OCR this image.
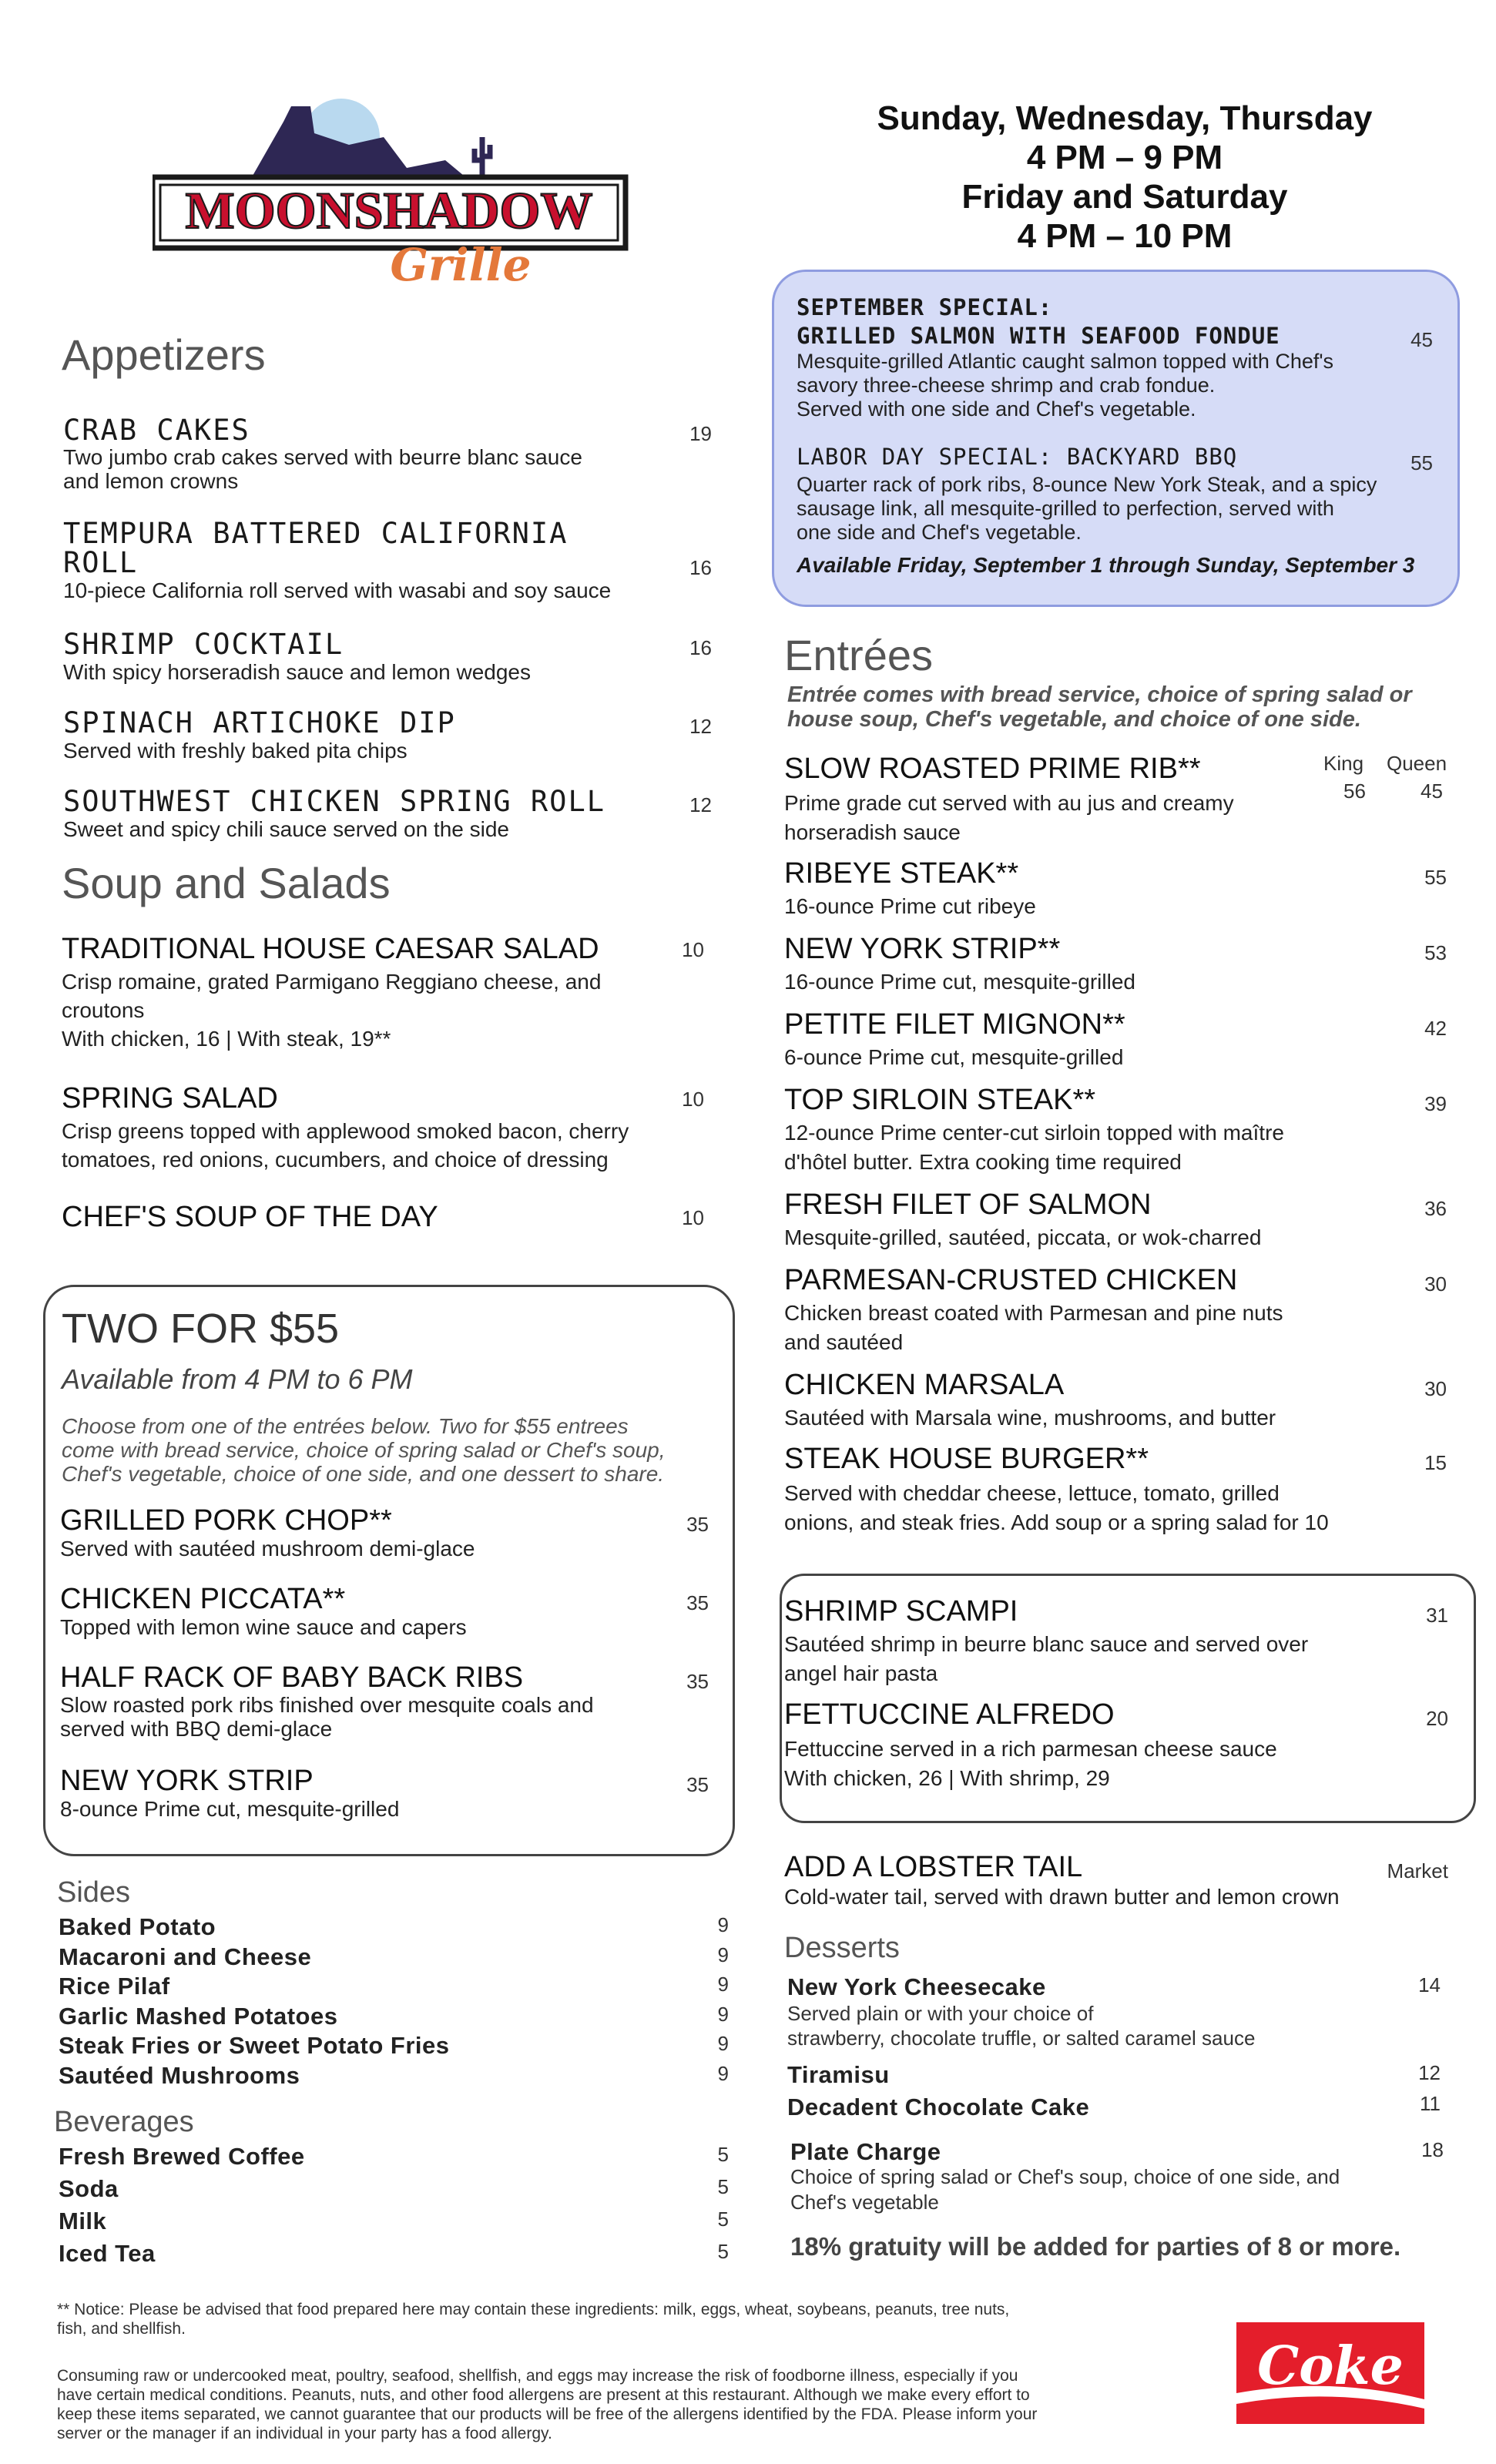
MOONSHADOW
Grille
Sunday, Wednesday, Thursday
4 PM – 9 PM
Friday and Saturday
4 PM – 10 PM
SEPTEMBER SPECIAL:
GRILLED SALMON WITH SEAFOOD FONDUE	45
Mesquite-grilled Atlantic caught salmon topped with Chef's
savory three-cheese shrimp and crab fondue.
Served with one side and Chef's vegetable.
LABOR DAY SPECIAL: BACKYARD BBQ	55
Quarter rack of pork ribs, 8-ounce New York Steak, and a spicy
sausage link, all mesquite-grilled to perfection, served with
one side and Chef's vegetable.
Available Friday, September 1 through Sunday, September 3
Appetizers
CRAB CAKES	19
Two jumbo crab cakes served with beurre blanc sauce
and lemon crowns
TEMPURA BATTERED CALIFORNIA
ROLL	16
10-piece California roll served with wasabi and soy sauce
SHRIMP COCKTAIL	16
With spicy horseradish sauce and lemon wedges
SPINACH ARTICHOKE DIP	12
Served with freshly baked pita chips
SOUTHWEST CHICKEN SPRING ROLL	12
Sweet and spicy chili sauce served on the side
Soup and Salads
TRADITIONAL HOUSE CAESAR SALAD	10
Crisp romaine, grated Parmigano Reggiano cheese, and
croutons
With chicken, 16 | With steak, 19**
SPRING SALAD	10
Crisp greens topped with applewood smoked bacon, cherry
tomatoes, red onions, cucumbers, and choice of dressing
CHEF'S SOUP OF THE DAY	10
TWO FOR $55
Available from 4 PM to 6 PM
Choose from one of the entrées below. Two for $55 entrees
come with bread service, choice of spring salad or Chef's soup,
Chef's vegetable, choice of one side, and one dessert to share.
GRILLED PORK CHOP**	35
Served with sautéed mushroom demi-glace
CHICKEN PICCATA**	35
Topped with lemon wine sauce and capers
HALF RACK OF BABY BACK RIBS	35
Slow roasted pork ribs finished over mesquite coals and
served with BBQ demi-glace
NEW YORK STRIP	35
8-ounce Prime cut, mesquite-grilled
Sides
Baked Potato	9
Macaroni and Cheese	9
Rice Pilaf	9
Garlic Mashed Potatoes	9
Steak Fries or Sweet Potato Fries	9
Sautéed Mushrooms	9
Beverages
Fresh Brewed Coffee	5
Soda	5
Milk	5
Iced Tea	5
Entrées
Entrée comes with bread service, choice of spring salad or
house soup, Chef's vegetable, and choice of one side.
SLOW ROASTED PRIME RIB**	King Queen
56	45
Prime grade cut served with au jus and creamy
horseradish sauce
RIBEYE STEAK**	55
16-ounce Prime cut ribeye
NEW YORK STRIP**	53
16-ounce Prime cut, mesquite-grilled
PETITE FILET MIGNON**	42
6-ounce Prime cut, mesquite-grilled
TOP SIRLOIN STEAK**	39
12-ounce Prime center-cut sirloin topped with maître
d'hôtel butter. Extra cooking time required
FRESH FILET OF SALMON	36
Mesquite-grilled, sautéed, piccata, or wok-charred
PARMESAN-CRUSTED CHICKEN	30
Chicken breast coated with Parmesan and pine nuts
and sautéed
CHICKEN MARSALA	30
Sautéed with Marsala wine, mushrooms, and butter
STEAK HOUSE BURGER**	15
Served with cheddar cheese, lettuce, tomato, grilled
onions, and steak fries. Add soup or a spring salad for 10
SHRIMP SCAMPI	31
Sautéed shrimp in beurre blanc sauce and served over
angel hair pasta
FETTUCCINE ALFREDO	20
Fettuccine served in a rich parmesan cheese sauce
With chicken, 26 | With shrimp, 29
ADD A LOBSTER TAIL	Market
Cold-water tail, served with drawn butter and lemon crown
Desserts
New York Cheesecake	14
Served plain or with your choice of
strawberry, chocolate truffle, or salted caramel sauce
Tiramisu	12
Decadent Chocolate Cake	11
Plate Charge	18
Choice of spring salad or Chef's soup, choice of one side, and
Chef's vegetable
18% gratuity will be added for parties of 8 or more.
** Notice: Please be advised that food prepared here may contain these ingredients: milk, eggs, wheat, soybeans, peanuts, tree nuts,
fish, and shellfish.
Consuming raw or undercooked meat, poultry, seafood, shellfish, and eggs may increase the risk of foodborne illness, especially if you
have certain medical conditions. Peanuts, nuts, and other food allergens are present at this restaurant. Although we make every effort to
keep these items separated, we cannot guarantee that our products will be free of the allergens identified by the FDA. Please inform your
server or the manager if an individual in your party has a food allergy.
Coke
